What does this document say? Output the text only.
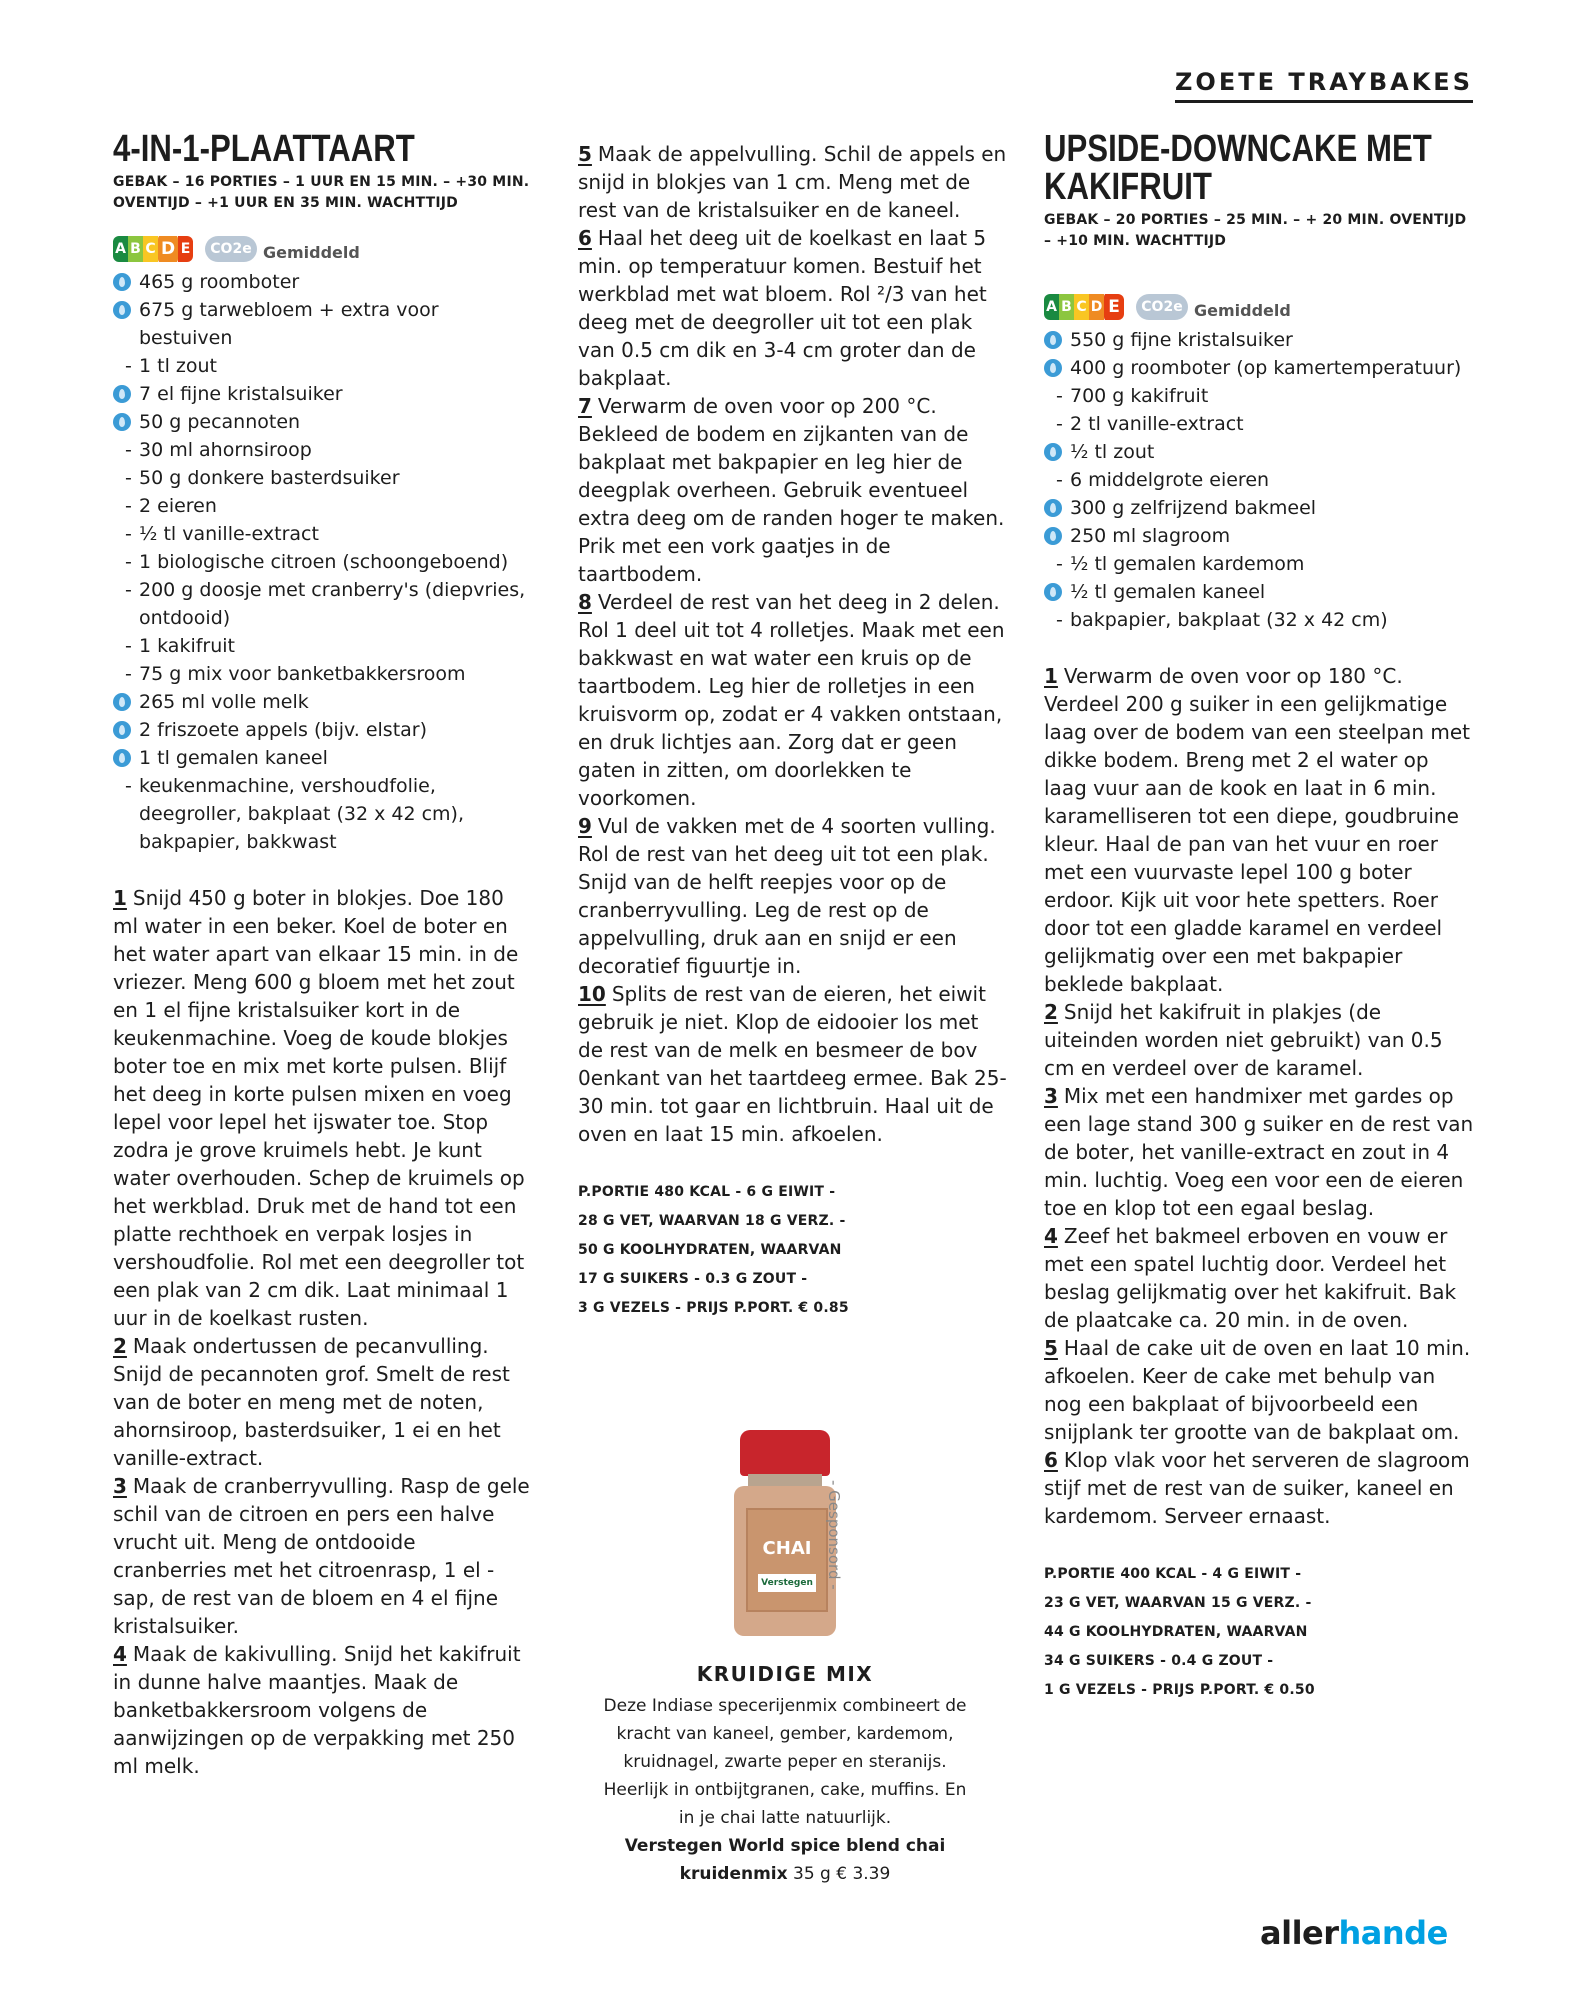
ZOETE TRAYBAKES
4-IN-1-PLAATTAART
GEBAK – 16 PORTIES – 1 UUR EN 15 MIN. – +30 MIN. OVENTIJD – +1 UUR EN 35 MIN. WACHTTIJD
A B C D E	CO2e Gemiddeld
465 g roomboter
675 g tarwebloem + extra voor bestuiven
- 1 tl zout
7 el fijne kristalsuiker
50 g pecannoten
- 30 ml ahornsiroop
- 50 g donkere basterdsuiker
- 2 eieren
- ½ tl vanille-extract
- 1 biologische citroen (schoongeboend)
- 200 g doosje met cranberry's (diepvries, ontdooid)
- 1 kakifruit
- 75 g mix voor banketbakkersroom
265 ml volle melk
2 friszoete appels (bijv. elstar)
1 tl gemalen kaneel
- keukenmachine, vershoudfolie, deegroller, bakplaat (32 x 42 cm), bakpapier, bakkwast

1 Snijd 450 g boter in blokjes. Doe 180 ml water in een beker. Koel de boter en het water apart van elkaar 15 min. in de vriezer. Meng 600 g bloem met het zout en 1 el fijne kristalsuiker kort in de keukenmachine. Voeg de koude blokjes boter toe en mix met korte pulsen. Blijf het deeg in korte pulsen mixen en voeg lepel voor lepel het ijswater toe. Stop zodra je grove kruimels hebt. Je kunt water overhouden. Schep de kruimels op het werkblad. Druk met de hand tot een platte rechthoek en verpak losjes in vershoudfolie. Rol met een deegroller tot een plak van 2 cm dik. Laat minimaal 1 uur in de koelkast rusten.

2 Maak ondertussen de pecanvulling. Snijd de pecannoten grof. Smelt de rest van de boter en meng met de noten, ahornsiroop, basterdsuiker, 1 ei en het vanille-extract.

3 Maak de cranberryvulling. Rasp de gele schil van de citroen en pers een halve vrucht uit. Meng de ontdooide cranberries met het citroenrasp, 1 el -sap, de rest van de bloem en 4 el fijne kristalsuiker.

4 Maak de kakivulling. Snijd het kakifruit in dunne halve maantjes. Maak de banketbakkersroom volgens de aanwijzingen op de verpakking met 250 ml melk.

5 Maak de appelvulling. Schil de appels en snijd in blokjes van 1 cm. Meng met de rest van de kristalsuiker en de kaneel.

6 Haal het deeg uit de koelkast en laat 5 min. op temperatuur komen. Bestuif het werkblad met wat bloem. Rol ²/3 van het deeg met de deegroller uit tot een plak van 0.5 cm dik en 3-4 cm groter dan de bakplaat.

7 Verwarm de oven voor op 200 °C. Bekleed de bodem en zijkanten van de bakplaat met bakpapier en leg hier de deegplak overheen. Gebruik eventueel extra deeg om de randen hoger te maken. Prik met een vork gaatjes in de taartbodem.

8 Verdeel de rest van het deeg in 2 delen. Rol 1 deel uit tot 4 rolletjes. Maak met een bakkwast en wat water een kruis op de taartbodem. Leg hier de rolletjes in een kruisvorm op, zodat er 4 vakken ontstaan, en druk lichtjes aan. Zorg dat er geen gaten in zitten, om doorlekken te voorkomen.

9 Vul de vakken met de 4 soorten vulling. Rol de rest van het deeg uit tot een plak. Snijd van de helft reepjes voor op de cranberryvulling. Leg de rest op de appelvulling, druk aan en snijd er een decoratief figuurtje in.

10 Splits de rest van de eieren, het eiwit gebruik je niet. Klop de eidooier los met de rest van de melk en besmeer de bov 0enkant van het taartdeeg ermee. Bak 25-30 min. tot gaar en lichtbruin. Haal uit de oven en laat 15 min. afkoelen.

P.PORTIE 480 KCAL - 6 G EIWIT -
28 G VET, WAARVAN 18 G VERZ. -
50 G KOOLHYDRATEN, WAARVAN
17 G SUIKERS - 0.3 G ZOUT -
3 G VEZELS - PRIJS P.PORT. € 0.85
UPSIDE-DOWNCAKE MET
KAKIFRUIT
GEBAK – 20 PORTIES – 25 MIN. – + 20 MIN. OVENTIJD – +10 MIN. WACHTTIJD
A B C D E	CO2e Gemiddeld
550 g fijne kristalsuiker
400 g roomboter (op kamertemperatuur)
- 700 g kakifruit
- 2 tl vanille-extract
½ tl zout
- 6 middelgrote eieren
300 g zelfrijzend bakmeel
250 ml slagroom
- ½ tl gemalen kardemom
½ tl gemalen kaneel
- bakpapier, bakplaat (32 x 42 cm)

1 Verwarm de oven voor op 180 °C. Verdeel 200 g suiker in een gelijkmatige laag over de bodem van een steelpan met dikke bodem. Breng met 2 el water op laag vuur aan de kook en laat in 6 min. karamelliseren tot een diepe, goudbruine kleur. Haal de pan van het vuur en roer met een vuurvaste lepel 100 g boter erdoor. Kijk uit voor hete spetters. Roer door tot een gladde karamel en verdeel gelijkmatig over een met bakpapier beklede bakplaat.

2 Snijd het kakifruit in plakjes (de uiteinden worden niet gebruikt) van 0.5 cm en verdeel over de karamel.

3 Mix met een handmixer met gardes op een lage stand 300 g suiker en de rest van de boter, het vanille-extract en zout in 4 min. luchtig. Voeg een voor een de eieren toe en klop tot een egaal beslag.

4 Zeef het bakmeel erboven en vouw er met een spatel luchtig door. Verdeel het beslag gelijkmatig over het kakifruit. Bak de plaatcake ca. 20 min. in de oven.

5 Haal de cake uit de oven en laat 10 min. afkoelen. Keer de cake met behulp van nog een bakplaat of bijvoorbeeld een snijplank ter grootte van de bakplaat om.

6 Klop vlak voor het serveren de slagroom stijf met de rest van de suiker, kaneel en kardemom. Serveer ernaast.

P.PORTIE 400 KCAL - 4 G EIWIT -
23 G VET, WAARVAN 15 G VERZ. -
44 G KOOLHYDRATEN, WAARVAN
34 G SUIKERS - 0.4 G ZOUT -
1 G VEZELS - PRIJS P.PORT. € 0.50
CHAI
Verstegen
KRUIDIGE MIX
Deze Indiase specerijenmix combineert de kracht van kaneel, gember, kardemom, kruidnagel, zwarte peper en steranijs. Heerlijk in ontbijtgranen, cake, muffins. En in je chai latte natuurlijk.
Verstegen World spice blend chai kruidenmix 35 g € 3.39
- Gesponsord -
allerhande
